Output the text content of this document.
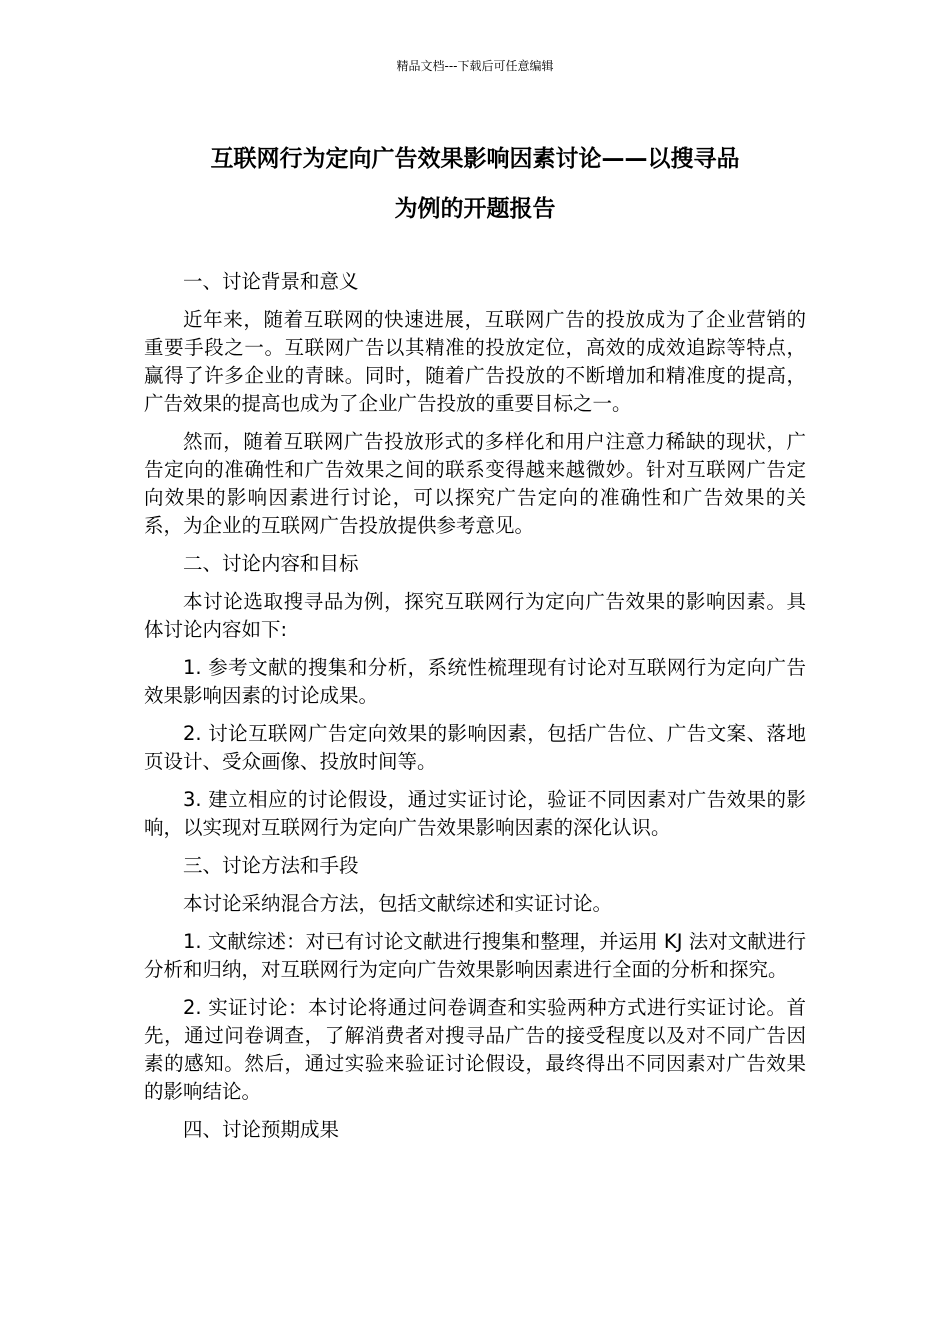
精品文档---下载后可任意编辑
互联网行为定向广告效果影响因素讨论——以搜寻品
为例的开题报告

一、讨论背景和意义

近年来，随着互联网的快速进展，互联网广告的投放成为了企业营销的重要手段之一。互联网广告以其精准的投放定位，高效的成效追踪等特点，赢得了许多企业的青睐。同时，随着广告投放的不断增加和精准度的提高，广告效果的提高也成为了企业广告投放的重要目标之一。

然而，随着互联网广告投放形式的多样化和用户注意力稀缺的现状，广告定向的准确性和广告效果之间的联系变得越来越微妙。针对互联网广告定向效果的影响因素进行讨论，可以探究广告定向的准确性和广告效果的关系，为企业的互联网广告投放提供参考意见。

二、讨论内容和目标

本讨论选取搜寻品为例，探究互联网行为定向广告效果的影响因素。具体讨论内容如下:

1. 参考文献的搜集和分析，系统性梳理现有讨论对互联网行为定向广告效果影响因素的讨论成果。

2. 讨论互联网广告定向效果的影响因素，包括广告位、广告文案、落地页设计、受众画像、投放时间等。

3. 建立相应的讨论假设，通过实证讨论，验证不同因素对广告效果的影响，以实现对互联网行为定向广告效果影响因素的深化认识。

三、讨论方法和手段

本讨论采纳混合方法，包括文献综述和实证讨论。

1. 文献综述：对已有讨论文献进行搜集和整理，并运用 KJ 法对文献进行分析和归纳，对互联网行为定向广告效果影响因素进行全面的分析和探究。

2. 实证讨论：本讨论将通过问卷调查和实验两种方式进行实证讨论。首先，通过问卷调查，了解消费者对搜寻品广告的接受程度以及对不同广告因素的感知。然后，通过实验来验证讨论假设，最终得出不同因素对广告效果的影响结论。

四、讨论预期成果
